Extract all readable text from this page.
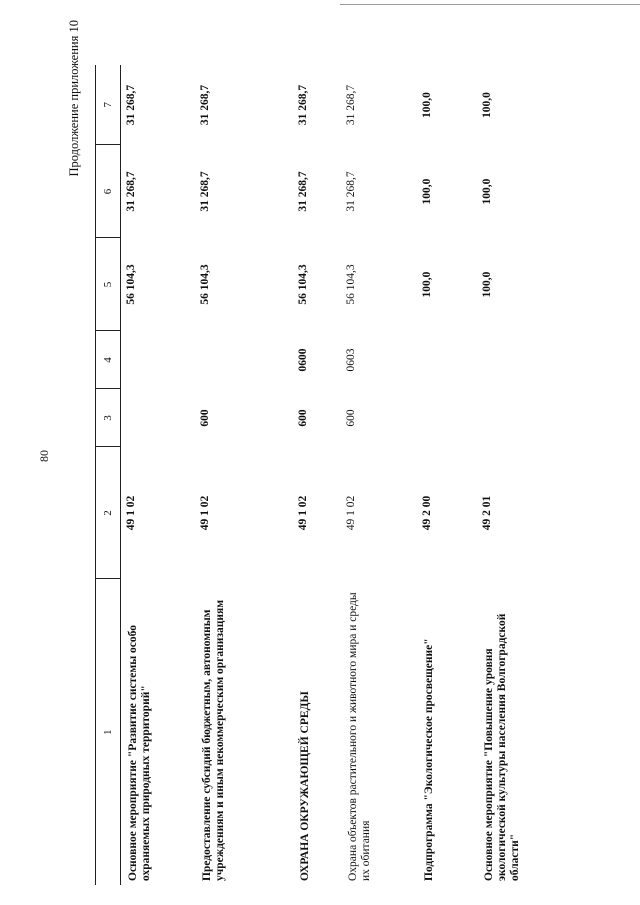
80
Продолжение приложения 10
1	2	3	4	5	6	7
Основное мероприятие "Развитие системы особо охраняемых природных территорий"	49 1 02			56 104,3	31 268,7	31 268,7
Предоставление субсидий бюджетным, автономным учреждениям и иным некоммерческим организациям	49 1 02	600		56 104,3	31 268,7	31 268,7
ОХРАНА ОКРУЖАЮЩЕЙ СРЕДЫ	49 1 02	600	0600	56 104,3	31 268,7	31 268,7
Охрана объектов растительного и животного мира и среды их обитания	49 1 02	600	0603	56 104,3	31 268,7	31 268,7
Подпрограмма "Экологическое просвещение"	49 2 00			100,0	100,0	100,0
Основное мероприятие "Повышение уровня экологической культуры населения Волгоградской области"	49 2 01			100,0	100,0	100,0
